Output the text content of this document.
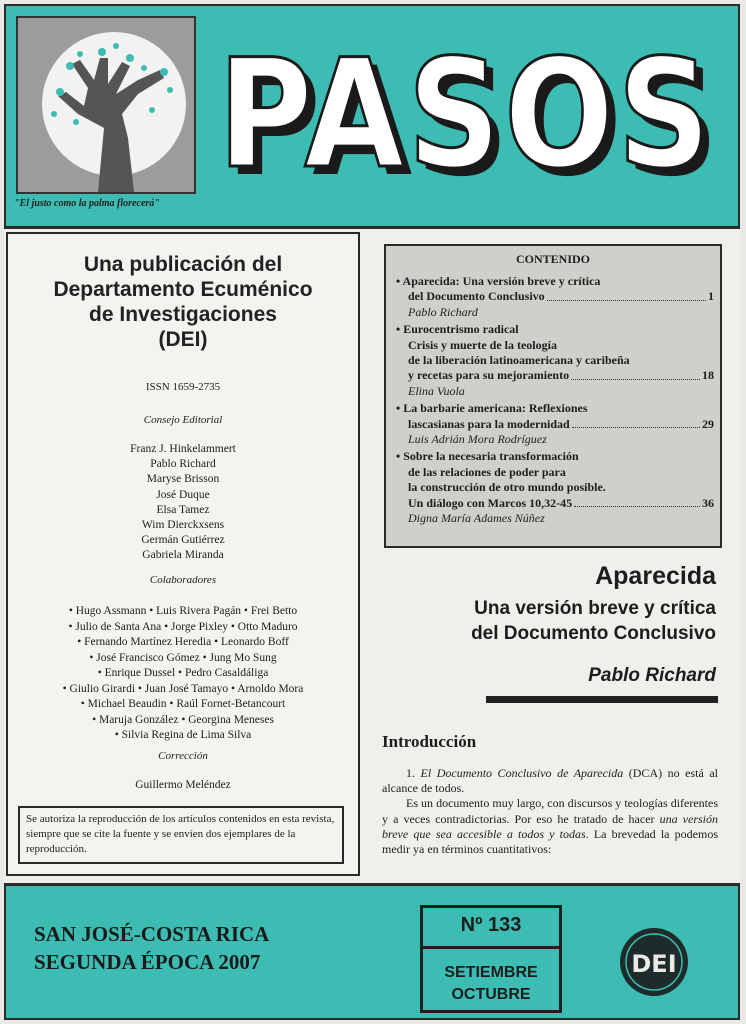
"El justo como la palma florecerá" PASOS
PASOS
Una publicación del
Departamento Ecuménico
de Investigaciones
(DEI)
ISSN 1659-2735
Consejo Editorial
Franz J. Hinkelammert
Pablo Richard
Maryse Brisson
José Duque
Elsa Tamez
Wim Dierckxsens
Germán Gutiérrez
Gabriela Miranda
Colaboradores
• Hugo Assmann • Luis Rivera Pagán • Frei Betto
• Julio de Santa Ana • Jorge Pixley • Otto Maduro
• Fernando Martínez Heredia • Leonardo Boff
• José Francisco Gómez • Jung Mo Sung
• Enrique Dussel • Pedro Casaldáliga
• Giulio Girardi • Juan José Tamayo • Arnoldo Mora
• Michael Beaudin • Raúl Fornet-Betancourt
• Maruja González • Georgina Meneses
• Silvia Regina de Lima Silva
Corrección
Guillermo Meléndez
Se autoriza la reproducción de los artículos contenidos en esta revista, siempre que se cite la fuente y se envíen dos ejemplares de la reproducción.
CONTENIDO
• Aparecida: Una versión breve y crítica
del Documento Conclusivo	1
Pablo Richard
• Eurocentrismo radical
Crisis y muerte de la teología
de la liberación latinoamericana y caribeña
y recetas para su mejoramiento	18
Elina Vuola
• La barbarie americana: Reflexiones
lascasianas para la modernidad	29
Luis Adrián Mora Rodríguez
• Sobre la necesaria transformación
de las relaciones de poder para
la construcción de otro mundo posible.
Un diálogo con Marcos 10,32-45	36
Digna María Adames Núñez
Aparecida
Una versión breve y crítica
del Documento Conclusivo
Pablo Richard
Introducción

1. El Documento Conclusivo de Aparecida (DCA) no está al alcance de todos.

Es un documento muy largo, con discursos y teologías diferentes y a veces contradictorias. Por eso he tratado de hacer una versión breve que sea accesible a todos y todas. La brevedad la podemos medir ya en términos cuantitativos:

SAN JOSÉ-COSTA RICA
SEGUNDA ÉPOCA 2007
Nº 133
SETIEMBRE
OCTUBRE
DEI
